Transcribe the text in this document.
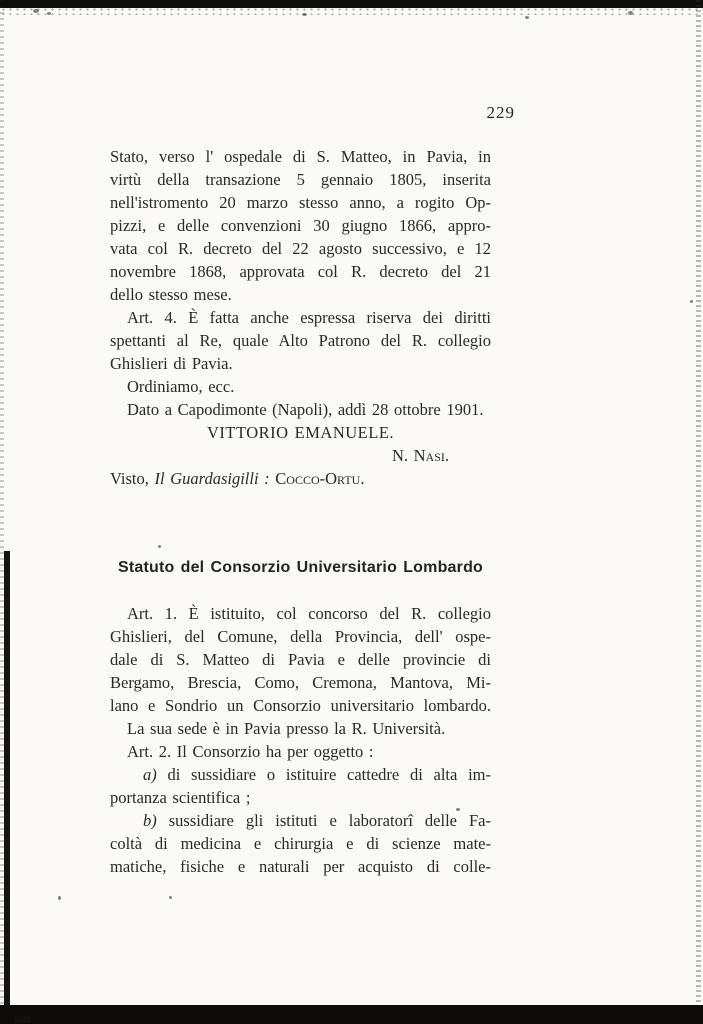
229
Stato, verso l' ospedale di S. Matteo, in Pavia, in
virtù della transazione 5 gennaio 1805, inserita
nell'istromento 20 marzo stesso anno, a rogito Op-
pizzi, e delle convenzioni 30 giugno 1866, appro-
vata col R. decreto del 22 agosto successivo, e 12
novembre 1868, approvata col R. decreto del 21
dello stesso mese.
Art. 4. È fatta anche espressa riserva dei diritti
spettanti al Re, quale Alto Patrono del R. collegio
Ghislieri di Pavia.
Ordiniamo, ecc.
Dato a Capodimonte (Napoli), addì 28 ottobre 1901.
VITTORIO EMANUELE.
N. Nasi.
Visto, Il Guardasigilli : Cocco-Ortu.
Statuto del Consorzio Universitario Lombardo
Art. 1. È istituito, col concorso del R. collegio
Ghislieri, del Comune, della Provincia, dell' ospe-
dale di S. Matteo di Pavia e delle provincie di
Bergamo, Brescia, Como, Cremona, Mantova, Mi-
lano e Sondrio un Consorzio universitario lombardo.
La sua sede è in Pavia presso la R. Università.
Art. 2. Il Consorzio ha per oggetto :
a) di sussidiare o istituire cattedre di alta im-
portanza scientifica ;
b) sussidiare gli istituti e laboratorî delle Fa-
coltà di medicina e chirurgia e di scienze mate-
matiche, fisiche e naturali per acquisto di colle-
